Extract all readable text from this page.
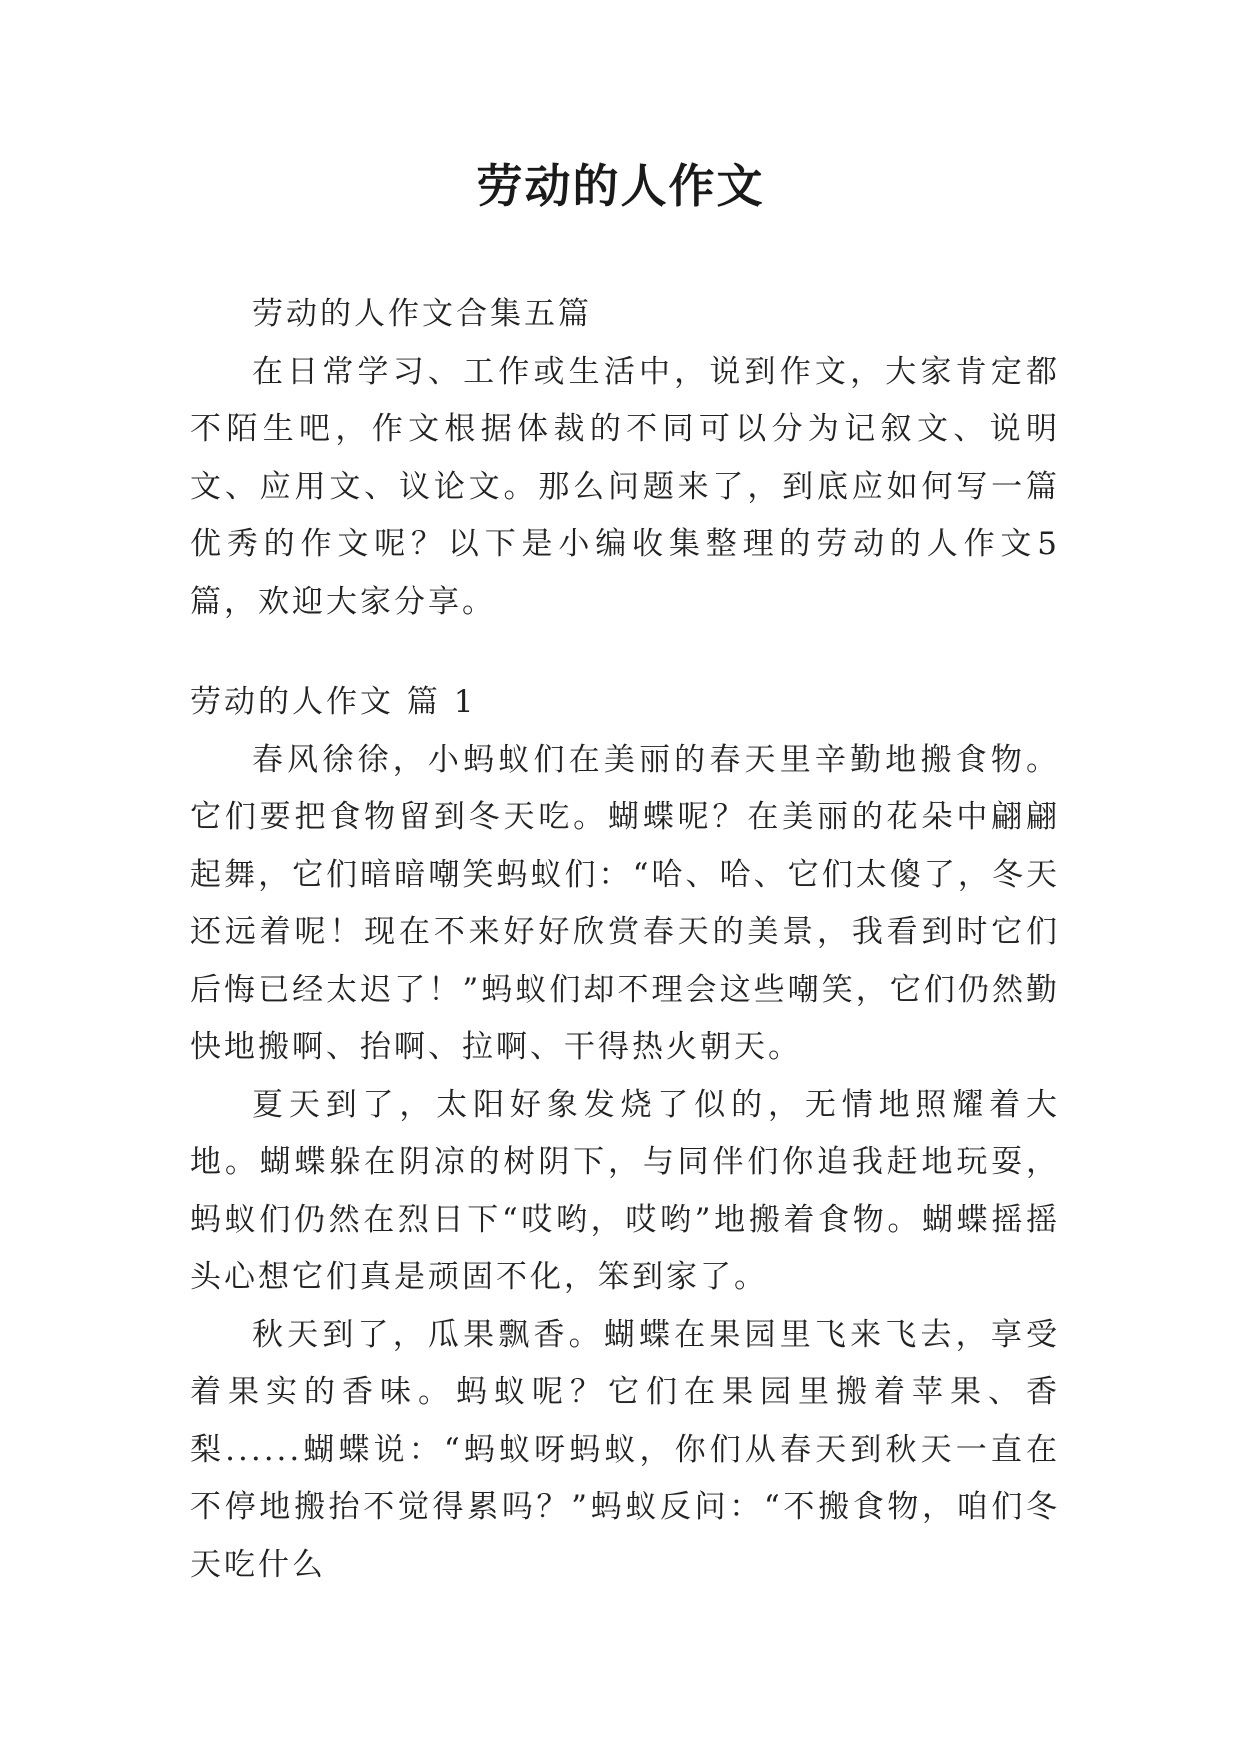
劳动的人作文

劳动的人作文合集五篇

在日常学习、工作或生活中，说到作文，大家肯定都不陌生吧，作文根据体裁的不同可以分为记叙文、说明文、应用文、议论文。那么问题来了，到底应如何写一篇优秀的作文呢？以下是小编收集整理的劳动的人作文5篇，欢迎大家分享。

劳动的人作文 篇 1

春风徐徐，小蚂蚁们在美丽的春天里辛勤地搬食物。它们要把食物留到冬天吃。蝴蝶呢？在美丽的花朵中翩翩起舞，它们暗暗嘲笑蚂蚁们：“哈、哈、它们太傻了，冬天还远着呢！现在不来好好欣赏春天的美景，我看到时它们后悔已经太迟了！”蚂蚁们却不理会这些嘲笑，它们仍然勤快地搬啊、抬啊、拉啊、干得热火朝天。

夏天到了，太阳好象发烧了似的，无情地照耀着大地。蝴蝶躲在阴凉的树阴下，与同伴们你追我赶地玩耍，蚂蚁们仍然在烈日下“哎哟，哎哟”地搬着食物。蝴蝶摇摇头心想它们真是顽固不化，笨到家了。

秋天到了，瓜果飘香。蝴蝶在果园里飞来飞去，享受着果实的香味。蚂蚁呢？它们在果园里搬着苹果、香梨......蝴蝶说：“蚂蚁呀蚂蚁，你们从春天到秋天一直在不停地搬抬不觉得累吗？”蚂蚁反问：“不搬食物，咱们冬天吃什么
